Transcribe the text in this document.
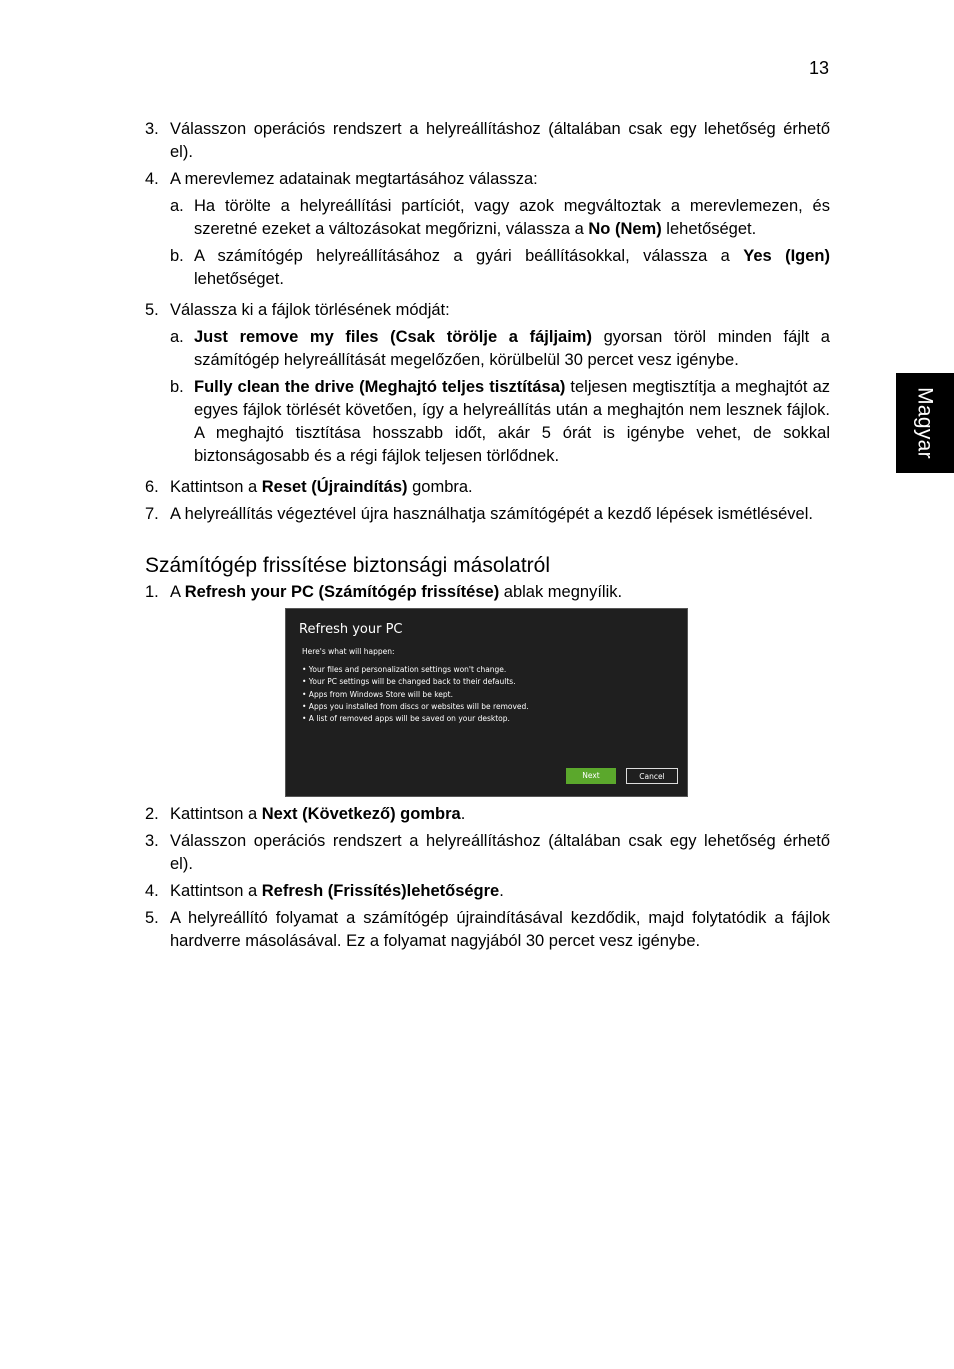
13
Magyar
3. Válasszon operációs rendszert a helyreállításhoz (általában csak egy lehetőség érhető el).
4. A merevlemez adatainak megtartásához válassza:
a. Ha törölte a helyreállítási partíciót, vagy azok megváltoztak a merevlemezen, és szeretné ezeket a változásokat megőrizni, válassza a No (Nem) lehetőséget.
b. A számítógép helyreállításához a gyári beállításokkal, válassza a Yes (Igen) lehetőséget.
5. Válassza ki a fájlok törlésének módját:
a. Just remove my files (Csak törölje a fájljaim) gyorsan töröl minden fájlt a számítógép helyreállítását megelőzően, körülbelül 30 percet vesz igénybe.
b. Fully clean the drive (Meghajtó teljes tisztítása) teljesen megtisztítja a meghajtót az egyes fájlok törlését követően, így a helyreállítás után a meghajtón nem lesznek fájlok. A meghajtó tisztítása hosszabb időt, akár 5 órát is igénybe vehet, de sokkal biztonságosabb és a régi fájlok teljesen törlődnek.
6. Kattintson a Reset (Újraindítás) gombra.
7. A helyreállítás végeztével újra használhatja számítógépét a kezdő lépések ismétlésével.
Számítógép frissítése biztonsági másolatról
1. A Refresh your PC (Számítógép frissítése) ablak megnyílik.
Refresh your PC
Here's what will happen:
• Your files and personalization settings won't change.
• Your PC settings will be changed back to their defaults.
• Apps from Windows Store will be kept.
• Apps you installed from discs or websites will be removed.
• A list of removed apps will be saved on your desktop.
Next	Cancel
2. Kattintson a Next (Következő) gombra.
3. Válasszon operációs rendszert a helyreállításhoz (általában csak egy lehetőség érhető el).
4. Kattintson a Refresh (Frissítés)lehetőségre.
5. A helyreállító folyamat a számítógép újraindításával kezdődik, majd folytatódik a fájlok hardverre másolásával. Ez a folyamat nagyjából 30 percet vesz igénybe.
